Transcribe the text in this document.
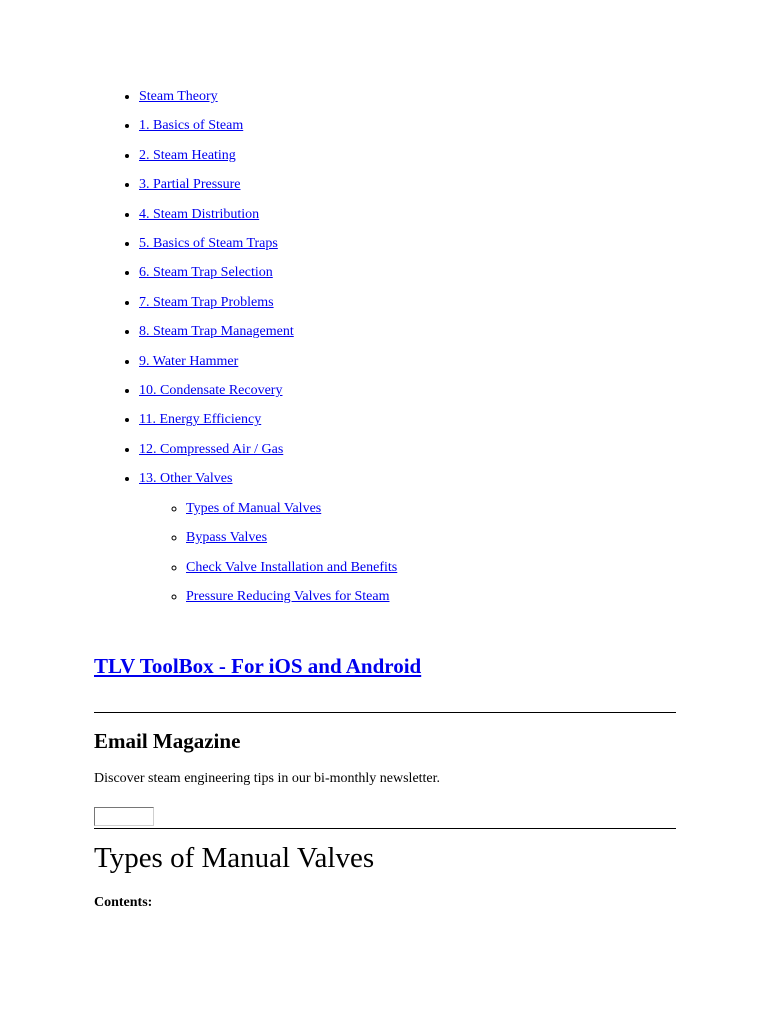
• Steam Theory
• 1. Basics of Steam
• 2. Steam Heating
• 3. Partial Pressure
• 4. Steam Distribution
• 5. Basics of Steam Traps
• 6. Steam Trap Selection
• 7. Steam Trap Problems
• 8. Steam Trap Management
• 9. Water Hammer
• 10. Condensate Recovery
• 11. Energy Efficiency
• 12. Compressed Air / Gas
• 13. Other Valves
◦ Types of Manual Valves
◦ Bypass Valves
◦ Check Valve Installation and Benefits
◦ Pressure Reducing Valves for Steam
TLV ToolBox - For iOS and Android
Email Magazine

Discover steam engineering tips in our bi-monthly newsletter.

Types of Manual Valves

Contents:
